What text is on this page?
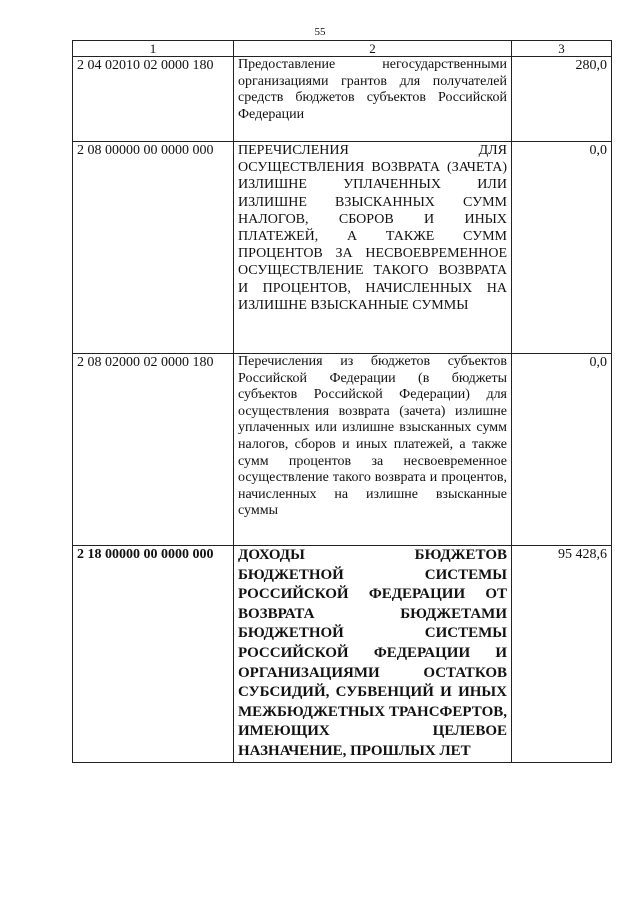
55
1	2	3
2 04 02010 02 0000 180	Предоставление негосударственными организациями грантов для получателей средств бюджетов субъектов Российской Федерации	280,0
2 08 00000 00 0000 000	ПЕРЕЧИСЛЕНИЯ ДЛЯ ОСУЩЕСТВЛЕНИЯ ВОЗВРАТА (ЗАЧЕТА) ИЗЛИШНЕ УПЛАЧЕННЫХ ИЛИ ИЗЛИШНЕ ВЗЫСКАННЫХ СУММ НАЛОГОВ, СБОРОВ И ИНЫХ ПЛАТЕЖЕЙ, А ТАКЖЕ СУММ ПРОЦЕНТОВ ЗА НЕСВОЕВРЕМЕННОЕ ОСУЩЕСТВЛЕНИЕ ТАКОГО ВОЗВРАТА И ПРОЦЕНТОВ, НАЧИСЛЕННЫХ НА ИЗЛИШНЕ ВЗЫСКАННЫЕ СУММЫ	0,0
2 08 02000 02 0000 180	Перечисления из бюджетов субъектов Российской Федерации (в бюджеты субъектов Российской Федерации) для осуществления возврата (зачета) излишне уплаченных или излишне взысканных сумм налогов, сборов и иных платежей, а также сумм процентов за несвоевременное осуществление такого возврата и процентов, начисленных на излишне взысканные суммы	0,0
2 18 00000 00 0000 000	ДОХОДЫ БЮДЖЕТОВ БЮДЖЕТНОЙ СИСТЕМЫ РОССИЙСКОЙ ФЕДЕРАЦИИ ОТ ВОЗВРАТА БЮДЖЕТАМИ БЮДЖЕТНОЙ СИСТЕМЫ РОССИЙСКОЙ ФЕДЕРАЦИИ И ОРГАНИЗАЦИЯМИ ОСТАТКОВ СУБСИДИЙ, СУБВЕНЦИЙ И ИНЫХ МЕЖБЮДЖЕТНЫХ ТРАНСФЕРТОВ, ИМЕЮЩИХ ЦЕЛЕВОЕ НАЗНАЧЕНИЕ, ПРОШЛЫХ ЛЕТ	95 428,6
